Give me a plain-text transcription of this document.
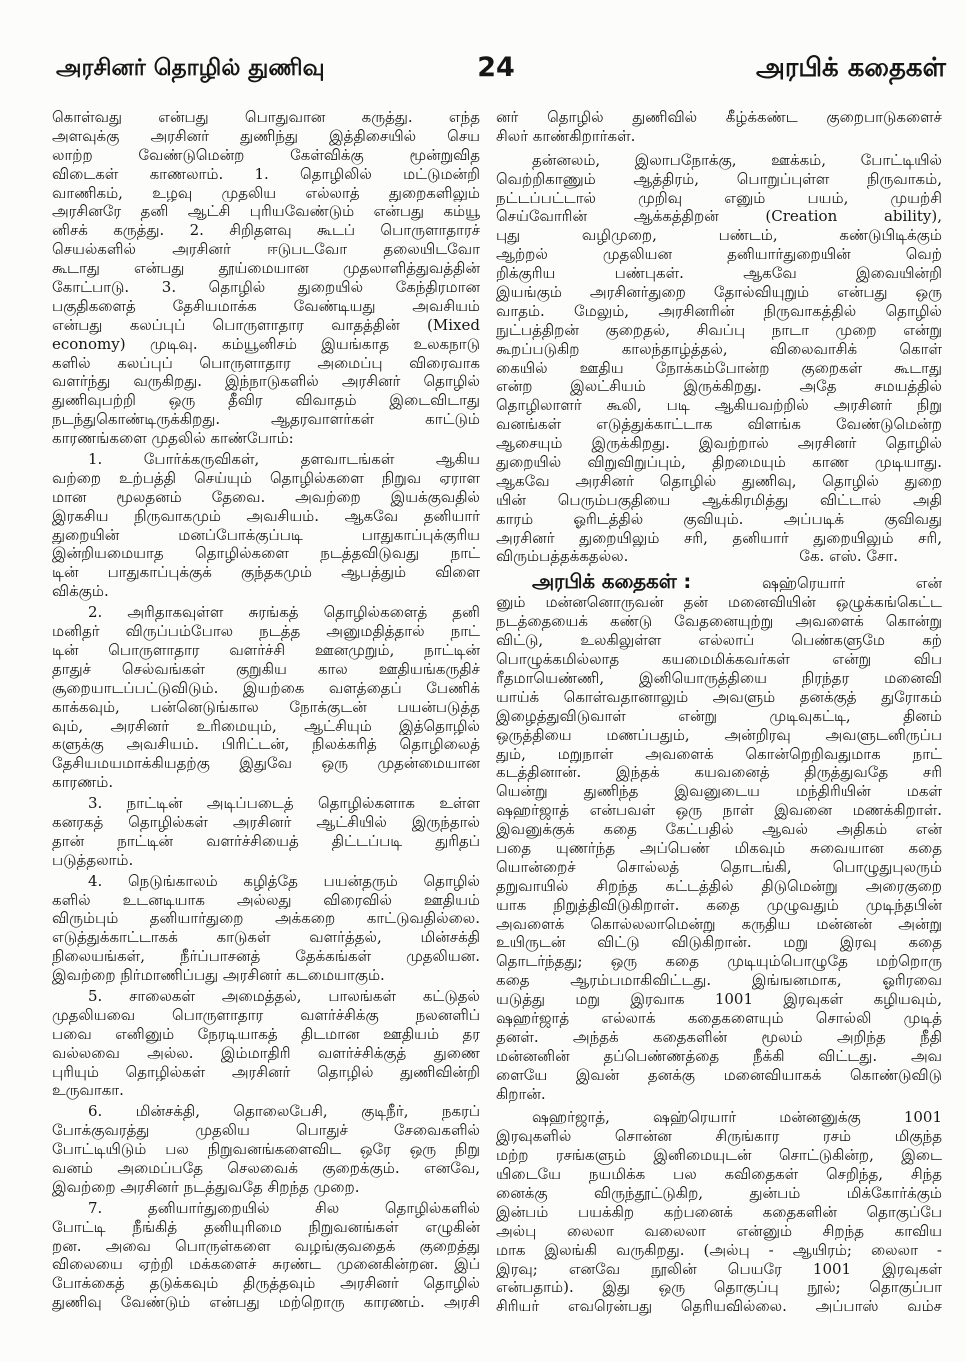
அரசினர் தொழில் துணிவு	24	அரபிக் கதைகள்
கொள்வது என்பது பொதுவான கருத்து. எந்த
அளவுக்கு அரசினர் துணிந்து இத்திசையில் செய
லாற்ற வேண்டுமென்ற கேள்விக்கு மூன்றுவித
விடைகள் காணலாம். 1. தொழிலில் மட்டுமன்றி
வாணிகம், உழவு முதலிய எல்லாத் துறைகளிலும்
அரசினரே தனி ஆட்சி புரியவேண்டும் என்பது கம்யூ
னிசக் கருத்து. 2. சிறிதளவு கூடப் பொருளாதாரச்
செயல்களில் அரசினர் ஈடுபடவோ தலையிடவோ
கூடாது என்பது தூய்மையான முதலாளித்துவத்தின்
கோட்பாடு. 3. தொழில் துறையில் கேந்திரமான
பகுதிகளைத் தேசியமாக்க வேண்டியது அவசியம்
என்பது கலப்புப் பொருளாதார வாதத்தின் (Mixed
economy) முடிவு. கம்யூனிசம் இயங்காத உலகநாடு
களில் கலப்புப் பொருளாதார அமைப்பு விரைவாக
வளர்ந்து வருகிறது. இந்நாடுகளில் அரசினர் தொழில்
துணிவுபற்றி ஒரு தீவிர விவாதம் இடைவிடாது
நடந்துகொண்டிருக்கிறது. ஆதரவாளர்கள் காட்டும்
காரணங்களை முதலில் காண்போம்:
1. போர்க்கருவிகள், தளவாடங்கள் ஆகிய
வற்றை உற்பத்தி செய்யும் தொழில்களை நிறுவ ஏராள
மான மூலதனம் தேவை. அவற்றை இயக்குவதில்
இரகசிய நிருவாகமும் அவசியம். ஆகவே தனியார்
துறையின் மனப்போக்குப்படி பாதுகாப்புக்குரிய
இன்றியமையாத தொழில்களை நடத்தவிடுவது நாட்
டின் பாதுகாப்புக்குக் குந்தகமும் ஆபத்தும் விளை
விக்கும்.
2. அரிதாகவுள்ள சுரங்கத் தொழில்களைத் தனி
மனிதர் விருப்பம்போல நடத்த அனுமதித்தால் நாட்
டின் பொருளாதார வளர்ச்சி ஊனமுறும், நாட்டின்
தாதுச் செல்வங்கள் குறுகிய கால ஊதியங்கருதிச்
சூறையாடப்பட்டுவிடும். இயற்கை வளத்தைப் பேணிக்
காக்கவும், பன்னெடுங்கால நோக்குடன் பயன்படுத்த
வும், அரசினர் உரிமையும், ஆட்சியும் இத்தொழில்
களுக்கு அவசியம். பிரிட்டன், நிலக்கரித் தொழிலைத்
தேசியமயமாக்கியதற்கு இதுவே ஒரு முதன்மையான
காரணம்.
3. நாட்டின் அடிப்படைத் தொழில்களாக உள்ள
கனரகத் தொழில்கள் அரசினர் ஆட்சியில் இருந்தால்
தான் நாட்டின் வளர்ச்சியைத் திட்டப்படி துரிதப்
படுத்தலாம்.
4. நெடுங்காலம் கழித்தே பயன்தரும் தொழில்
களில் உடனடியாக அல்லது விரைவில் ஊதியம்
விரும்பும் தனியார்துறை அக்கறை காட்டுவதில்லை.
எடுத்துக்காட்டாகக் காடுகள் வளர்த்தல், மின்சக்தி
நிலையங்கள், நீர்ப்பாசனத் தேக்கங்கள் முதலியன.
இவற்றை நிர்மாணிப்பது அரசினர் கடமையாகும்.
5. சாலைகள் அமைத்தல், பாலங்கள் கட்டுதல்
முதலியவை பொருளாதார வளர்ச்சிக்கு நலனளிப்
பவை எனினும் நேரடியாகத் திடமான ஊதியம் தர
வல்லவை அல்ல. இம்மாதிரி வளர்ச்சிக்குத் துணை
புரியும் தொழில்கள் அரசினர் தொழில் துணிவின்றி
உருவாகா.
6. மின்சக்தி, தொலைபேசி, குடிநீர், நகரப்
போக்குவரத்து முதலிய பொதுச் சேவைகளில்
போட்டியிடும் பல நிறுவனங்களைவிட ஒரே ஒரு நிறு
வனம் அமைப்பதே செலவைக் குறைக்கும். எனவே,
இவற்றை அரசினர் நடத்துவதே சிறந்த முறை.
7. தனியார்துறையில் சில தொழில்களில்
போட்டி நீங்கித் தனியுரிமை நிறுவனங்கள் எழுகின்
றன. அவை பொருள்களை வழங்குவதைக் குறைத்து
விலையை ஏற்றி மக்களைச் சுரண்ட முனைகின்றன. இப்
போக்கைத் தடுக்கவும் திருத்தவும் அரசினர் தொழில்
துணிவு வேண்டும் என்பது மற்றொரு காரணம். அரசி
னர் தொழில் துணிவில் கீழ்க்கண்ட குறைபாடுகளைச்
சிலர் காண்கிறார்கள்.
தன்னலம், இலாபநோக்கு, ஊக்கம், போட்டியில்
வெற்றிகாணும் ஆத்திரம், பொறுப்புள்ள நிருவாகம்,
நட்டப்பட்டால் முறிவு எனும் பயம், முயற்சி
செய்வோரின் ஆக்கத்திறன் (Creation ability),
புது வழிமுறை, பண்டம், கண்டுபிடிக்கும்
ஆற்றல் முதலியன தனியார்துறையின் வெற்
றிக்குரிய பண்புகள். ஆகவே இவையின்றி
இயங்கும் அரசினர்துறை தோல்வியுறும் என்பது ஒரு
வாதம். மேலும், அரசினரின் நிருவாகத்தில் தொழில்
நுட்பத்திறன் குறைதல், சிவப்பு நாடா முறை என்று
கூறப்படுகிற காலந்தாழ்த்தல், விலைவாசிக் கொள்
கையில் ஊதிய நோக்கம்போன்ற குறைகள் கூடாது
என்ற இலட்சியம் இருக்கிறது. அதே சமயத்தில்
தொழிலாளர் கூலி, படி ஆகியவற்றில் அரசினர் நிறு
வனங்கள் எடுத்துக்காட்டாக விளங்க வேண்டுமென்ற
ஆசையும் இருக்கிறது. இவற்றால் அரசினர் தொழில்
துறையில் விறுவிறுப்பும், திறமையும் காண முடியாது.
ஆகவே அரசினர் தொழில் துணிவு, தொழில் துறை
யின் பெரும்பகுதியை ஆக்கிரமித்து விட்டால் அதி
காரம் ஓரிடத்தில் குவியும். அப்படிக் குவிவது
அரசினர் துறையிலும் சரி, தனியார் துறையிலும் சரி,
விரும்பத்தக்கதல்ல.	கே. எஸ். சோ.
அரபிக் கதைகள் :	ஷஹ்ரெயார் என்
னும் மன்னனொருவன் தன் மனைவியின் ஒழுக்கங்கெட்ட
நடத்தையைக் கண்டு வேதனையுற்று அவளைக் கொன்று
விட்டு, உலகிலுள்ள எல்லாப் பெண்களுமே கற்
பொழுக்கமில்லாத கயமைமிக்கவர்கள் என்று விப
ரீதமாயெண்ணி, இனியொருத்தியை நிரந்தர மனைவி
யாய்க் கொள்வதானாலும் அவளும் தனக்குத் துரோகம்
இழைத்துவிடுவாள் என்று முடிவுகட்டி, தினம்
ஒருத்தியை மணப்பதும், அன்றிரவு அவளுடனிருப்ப
தும், மறுநாள் அவளைக் கொன்றெறிவதுமாக நாட்
கடத்தினான். இந்தக் கயவனைத் திருத்துவதே சரி
யென்று துணிந்த இவனுடைய மந்திரியின் மகள்
ஷஹர்ஜாத் என்பவள் ஒரு நாள் இவனை மணக்கிறாள்.
இவனுக்குக் கதை கேட்பதில் ஆவல் அதிகம் என்
பதை யுணர்ந்த அப்பெண் மிகவும் சுவையான கதை
யொன்றைச் சொல்லத் தொடங்கி, பொழுதுபுலரும்
தறுவாயில் சிறந்த கட்டத்தில் திடுமென்று அரைகுறை
யாக நிறுத்திவிடுகிறாள். கதை முழுவதும் முடிந்தபின்
அவளைக் கொல்லலாமென்று கருதிய மன்னன் அன்று
உயிருடன் விட்டு விடுகிறான். மறு இரவு கதை
தொடர்ந்தது; ஒரு கதை முடியும்பொழுதே மற்றொரு
கதை ஆரம்பமாகிவிட்டது. இங்ஙனமாக, ஓரிரவை
யடுத்து மறு இரவாக 1001 இரவுகள் கழியவும்,
ஷஹர்ஜாத் எல்லாக் கதைகளையும் சொல்லி முடித்
தனள். அந்தக் கதைகளின் மூலம் அறிந்த நீதி
மன்னனின் தப்பெண்ணத்தை நீக்கி விட்டது. அவ
ளையே இவன் தனக்கு மனைவியாகக் கொண்டுவிடு
கிறான்.
ஷஹர்ஜாத், ஷஹ்ரெயார் மன்னனுக்கு 1001
இரவுகளில் சொன்ன சிருங்கார ரசம் மிகுந்த
மற்ற ரசங்களும் இனிமையுடன் சொட்டுகின்ற, இடை
யிடையே நயமிக்க பல கவிதைகள் செறிந்த, சிந்த
னைக்கு விருந்தூட்டுகிற, துன்பம் மிக்கோர்க்கும்
இன்பம் பயக்கிற கற்பனைக் கதைகளின் தொகுப்பே
அல்பு லைலா வலைலா என்னும் சிறந்த காவிய
மாக இலங்கி வருகிறது. (அல்பு - ஆயிரம்; லைலா -
இரவு; எனவே நூலின் பெயரே 1001 இரவுகள்
என்பதாம்). இது ஒரு தொகுப்பு நூல்; தொகுப்பா
சிரியர் எவரென்பது தெரியவில்லை. அப்பாஸ் வம்ச
